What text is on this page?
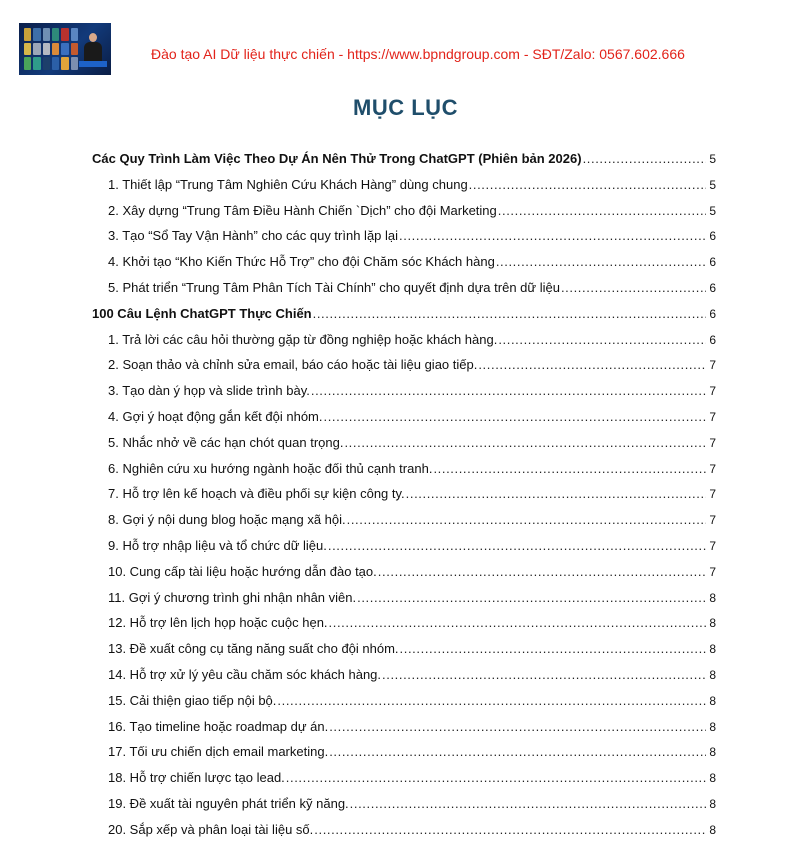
Đào tạo AI Dữ liệu thực chiến - https://www.bpndgroup.com - SĐT/Zalo: 0567.602.666
MỤC LỤC
Các Quy Trình Làm Việc Theo Dự Án Nên Thử Trong ChatGPT (Phiên bản 2026) .....	5
1. Thiết lập “Trung Tâm Nghiên Cứu Khách Hàng” dùng chung .....	5
2. Xây dựng “Trung Tâm Điều Hành Chiến `Dịch” cho đội Marketing .....	5
3. Tạo “Sổ Tay Vận Hành” cho các quy trình lặp lại .....	6
4. Khởi tạo “Kho Kiến Thức Hỗ Trợ” cho đội Chăm sóc Khách hàng .....	6
5. Phát triển “Trung Tâm Phân Tích Tài Chính” cho quyết định dựa trên dữ liệu .....	6
100 Câu Lệnh ChatGPT Thực Chiến .....	6
1. Trả lời các câu hỏi thường gặp từ đồng nghiệp hoặc khách hàng. .....	6
2. Soạn thảo và chỉnh sửa email, báo cáo hoặc tài liệu giao tiếp. .....	7
3. Tạo dàn ý họp và slide trình bày. .....	7
4. Gợi ý hoạt động gắn kết đội nhóm. .....	7
5. Nhắc nhở về các hạn chót quan trọng. .....	7
6. Nghiên cứu xu hướng ngành hoặc đối thủ cạnh tranh. .....	7
7. Hỗ trợ lên kế hoạch và điều phối sự kiện công ty. .....	7
8. Gợi ý nội dung blog hoặc mạng xã hội. .....	7
9. Hỗ trợ nhập liệu và tổ chức dữ liệu. .....	7
10. Cung cấp tài liệu hoặc hướng dẫn đào tạo. .....	7
11. Gợi ý chương trình ghi nhận nhân viên. .....	8
12. Hỗ trợ lên lịch họp hoặc cuộc hẹn. .....	8
13. Đề xuất công cụ tăng năng suất cho đội nhóm. .....	8
14. Hỗ trợ xử lý yêu cầu chăm sóc khách hàng. .....	8
15. Cải thiện giao tiếp nội bộ. .....	8
16. Tạo timeline hoặc roadmap dự án. .....	8
17. Tối ưu chiến dịch email marketing. .....	8
18. Hỗ trợ chiến lược tạo lead. .....	8
19. Đề xuất tài nguyên phát triển kỹ năng. .....	8
20. Sắp xếp và phân loại tài liệu số. .....	8
